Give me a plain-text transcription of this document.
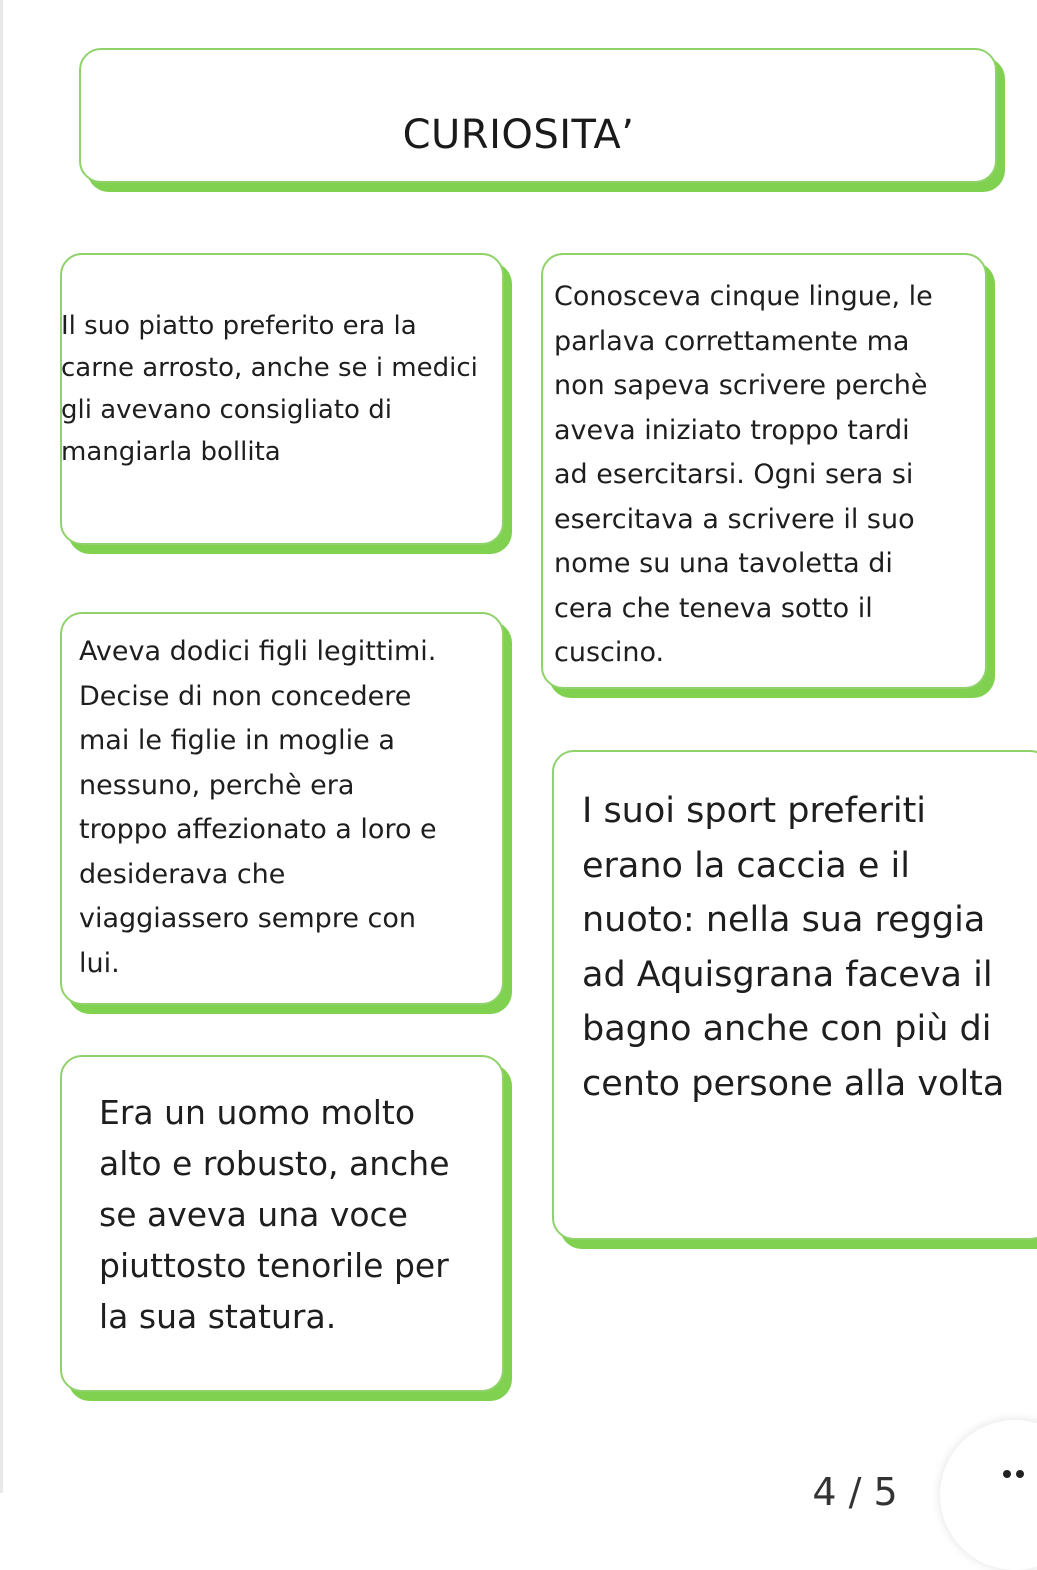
CURIOSITA’

Il suo piatto preferito era la
carne arrosto, anche se i medici
gli avevano consigliato di
mangiarla bollita

Conosceva cinque lingue, le
parlava correttamente ma
non sapeva scrivere perchè
aveva iniziato troppo tardi
ad esercitarsi. Ogni sera si
esercitava a scrivere il suo
nome su una tavoletta di
cera che teneva sotto il
cuscino.

Aveva dodici figli legittimi.
Decise di non concedere
mai le figlie in moglie a
nessuno, perchè era
troppo affezionato a loro e
desiderava che
viaggiassero sempre con
lui.

I suoi sport preferiti
erano la caccia e il
nuoto: nella sua reggia
ad Aquisgrana faceva il
bagno anche con più di
cento persone alla volta

Era un uomo molto
alto e robusto, anche
se aveva una voce
piuttosto tenorile per
la sua statura.

4 / 5
